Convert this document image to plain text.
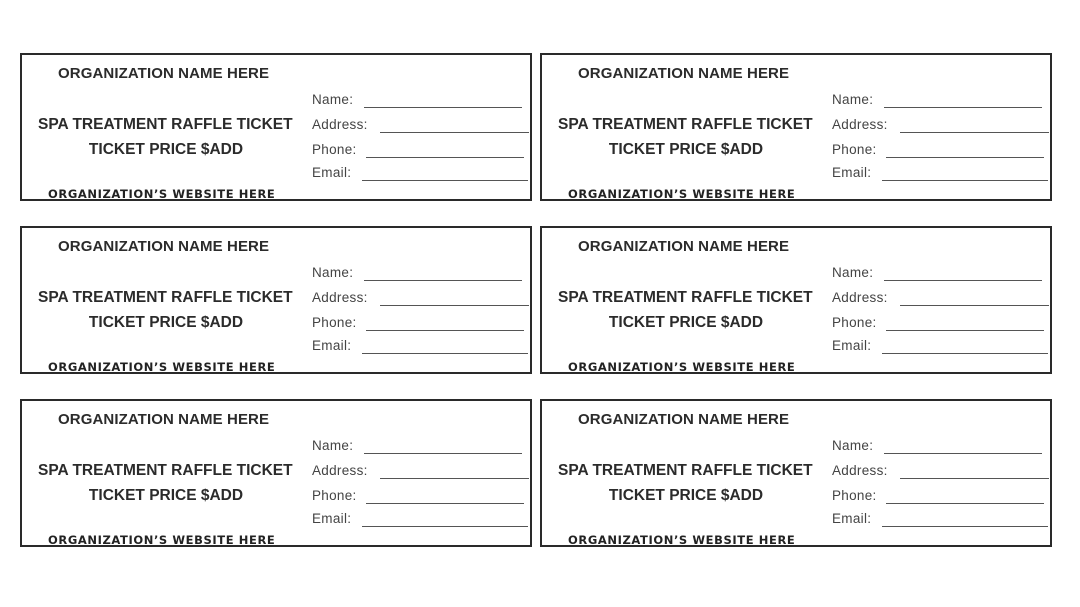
ORGANIZATION NAME HERE
SPA TREATMENT RAFFLE TICKET
TICKET PRICE $ADD
ORGANIZATION’S WEBSITE HERE
Name:
Address:
Phone:
Email:
ORGANIZATION NAME HERE
SPA TREATMENT RAFFLE TICKET
TICKET PRICE $ADD
ORGANIZATION’S WEBSITE HERE
Name:
Address:
Phone:
Email:
ORGANIZATION NAME HERE
SPA TREATMENT RAFFLE TICKET
TICKET PRICE $ADD
ORGANIZATION’S WEBSITE HERE
Name:
Address:
Phone:
Email:
ORGANIZATION NAME HERE
SPA TREATMENT RAFFLE TICKET
TICKET PRICE $ADD
ORGANIZATION’S WEBSITE HERE
Name:
Address:
Phone:
Email:
ORGANIZATION NAME HERE
SPA TREATMENT RAFFLE TICKET
TICKET PRICE $ADD
ORGANIZATION’S WEBSITE HERE
Name:
Address:
Phone:
Email:
ORGANIZATION NAME HERE
SPA TREATMENT RAFFLE TICKET
TICKET PRICE $ADD
ORGANIZATION’S WEBSITE HERE
Name:
Address:
Phone:
Email:
